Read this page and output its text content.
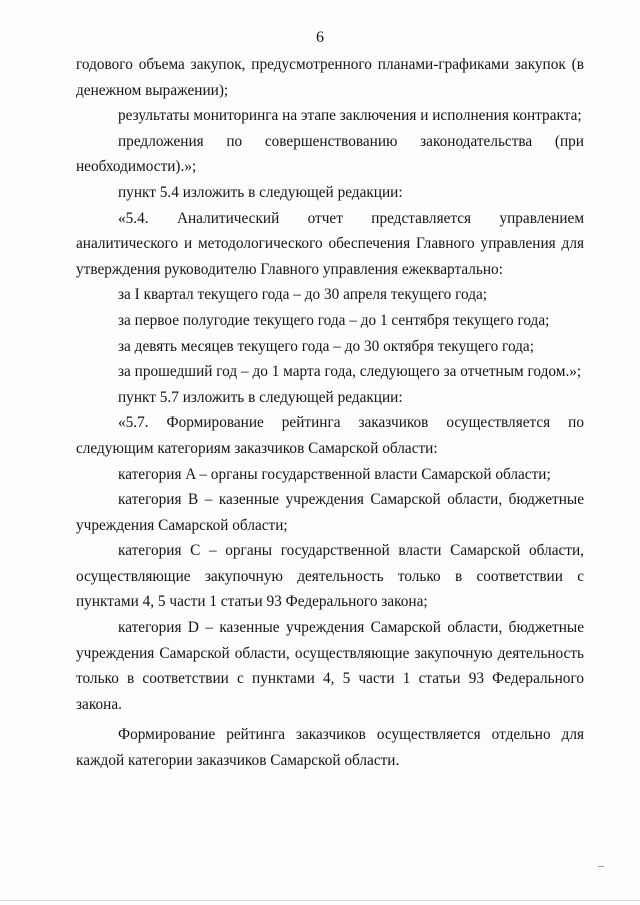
6

годового объема закупок, предусмотренного планами-графиками закупок (в денежном выражении);

результаты мониторинга на этапе заключения и исполнения контракта;

предложения по совершенствованию законодательства (при необходимости).»;

пункт 5.4 изложить в следующей редакции:

«5.4. Аналитический отчет представляется управлением аналитического и методологического обеспечения Главного управления для утверждения руководителю Главного управления ежеквартально:

за I квартал текущего года – до 30 апреля текущего года;

за первое полугодие текущего года – до 1 сентября текущего года;

за девять месяцев текущего года – до 30 октября текущего года;

за прошедший год – до 1 марта года, следующего за отчетным годом.»;

пункт 5.7 изложить в следующей редакции:

«5.7. Формирование рейтинга заказчиков осуществляется по следующим категориям заказчиков Самарской области:

категория A – органы государственной власти Самарской области;

категория B – казенные учреждения Самарской области, бюджетные учреждения Самарской области;

категория C – органы государственной власти Самарской области, осуществляющие закупочную деятельность только в соответствии с пунктами 4, 5 части 1 статьи 93 Федерального закона;

категория D – казенные учреждения Самарской области, бюджетные учреждения Самарской области, осуществляющие закупочную деятельность только в соответствии с пунктами 4, 5 части 1 статьи 93 Федерального закона.

Формирование рейтинга заказчиков осуществляется отдельно для каждой категории заказчиков Самарской области.
